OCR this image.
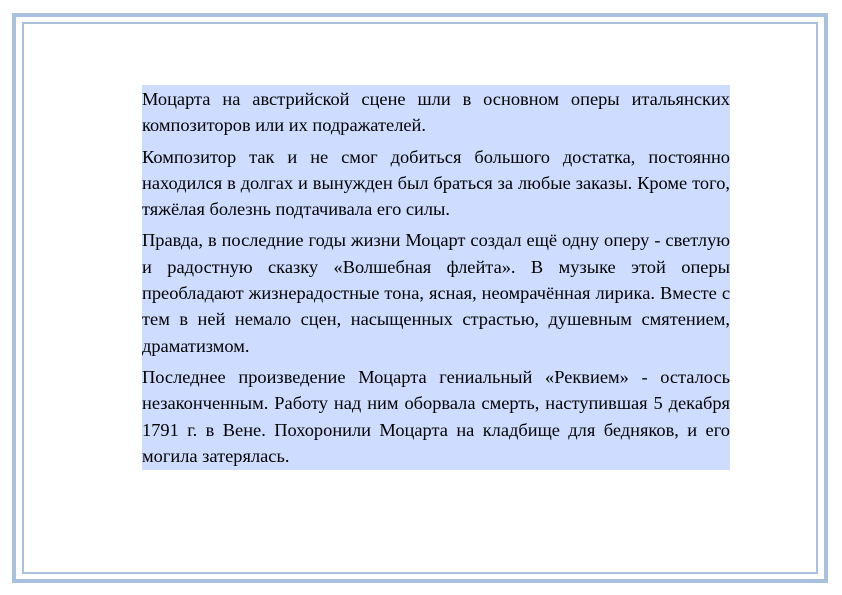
Моцарта на австрийской сцене шли в основном оперы итальянских композиторов или их подражателей.

Композитор так и не смог добиться большого достатка, постоянно находился в долгах и вынужден был браться за любые заказы. Кроме того, тяжёлая болезнь подтачивала его силы.

Правда, в последние годы жизни Моцарт создал ещё одну оперу - светлую и радостную сказку «Волшебная флейта». В музыке этой оперы преобладают жизнерадостные тона, ясная, неомрачённая лирика. Вместе с тем в ней немало сцен, насыщенных страстью, душевным смятением, драматизмом.

Последнее произведение Моцарта гениальный «Реквием» - осталось незаконченным. Работу над ним оборвала смерть, наступившая 5 декабря 1791 г. в Вене. Похоронили Моцарта на кладбище для бедняков, и его могила затерялась.
